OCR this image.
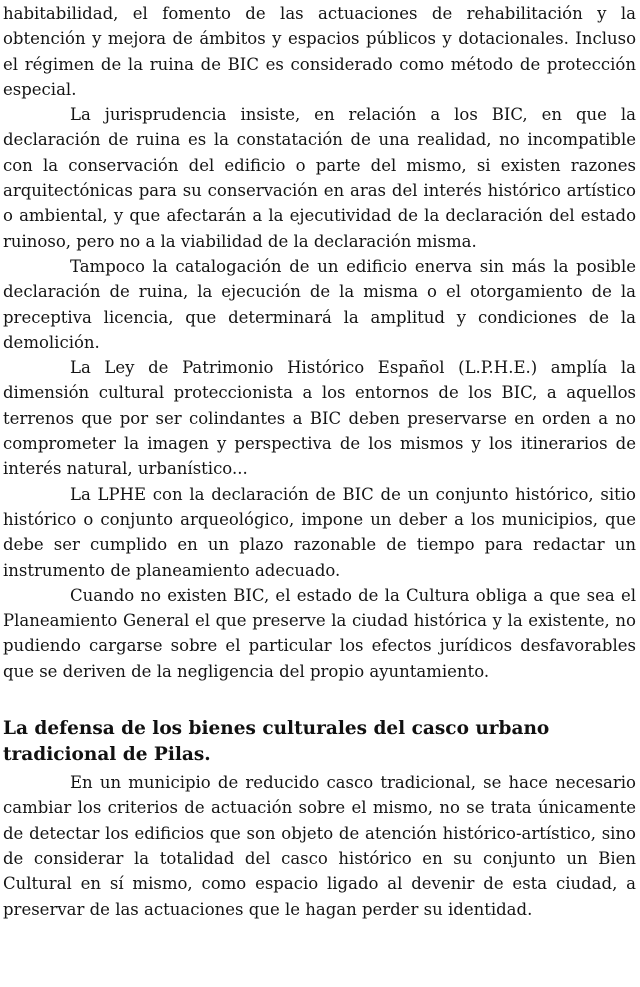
habitabilidad, el fomento de las actuaciones de rehabilitación y la obtención y mejora de ámbitos y espacios públicos y dotacionales. Incluso el régimen de la ruina de BIC es considerado como método de protección especial.

La jurisprudencia insiste, en relación a los BIC, en que la declaración de ruina es la constatación de una realidad, no incompatible con la conservación del edificio o parte del mismo, si existen razones arquitectónicas para su conservación en aras del interés histórico artístico o ambiental, y que afectarán a la ejecutividad de la declaración del estado ruinoso, pero no a la viabilidad de la declaración misma.

Tampoco la catalogación de un edificio enerva sin más la posible declaración de ruina, la ejecución de la misma o el otorgamiento de la preceptiva licencia, que determinará la amplitud y condiciones de la demolición.

La Ley de Patrimonio Histórico Español (L.P.H.E.) amplía la dimensión cultural proteccionista a los entornos de los BIC, a aquellos terrenos que por ser colindantes a BIC deben preservarse en orden a no comprometer la imagen y perspectiva de los mismos y los itinerarios de interés natural, urbanístico...

La LPHE con la declaración de BIC de un conjunto histórico, sitio histórico o conjunto arqueológico, impone un deber a los municipios, que debe ser cumplido en un plazo razonable de tiempo para redactar un instrumento de planeamiento adecuado.

Cuando no existen BIC, el estado de la Cultura obliga a que sea el Planeamiento General el que preserve la ciudad histórica y la existente, no pudiendo cargarse sobre el particular los efectos jurídicos desfavorables que se deriven de la negligencia del propio ayuntamiento.

La defensa de los bienes culturales del casco urbano tradicional de Pilas.

En un municipio de reducido casco tradicional, se hace necesario cambiar los criterios de actuación sobre el mismo, no se trata únicamente de detectar los edificios que son objeto de atención histórico-artístico, sino de considerar la totalidad del casco histórico en su conjunto un Bien Cultural en sí mismo, como espacio ligado al devenir de esta ciudad, a preservar de las actuaciones que le hagan perder su identidad.
